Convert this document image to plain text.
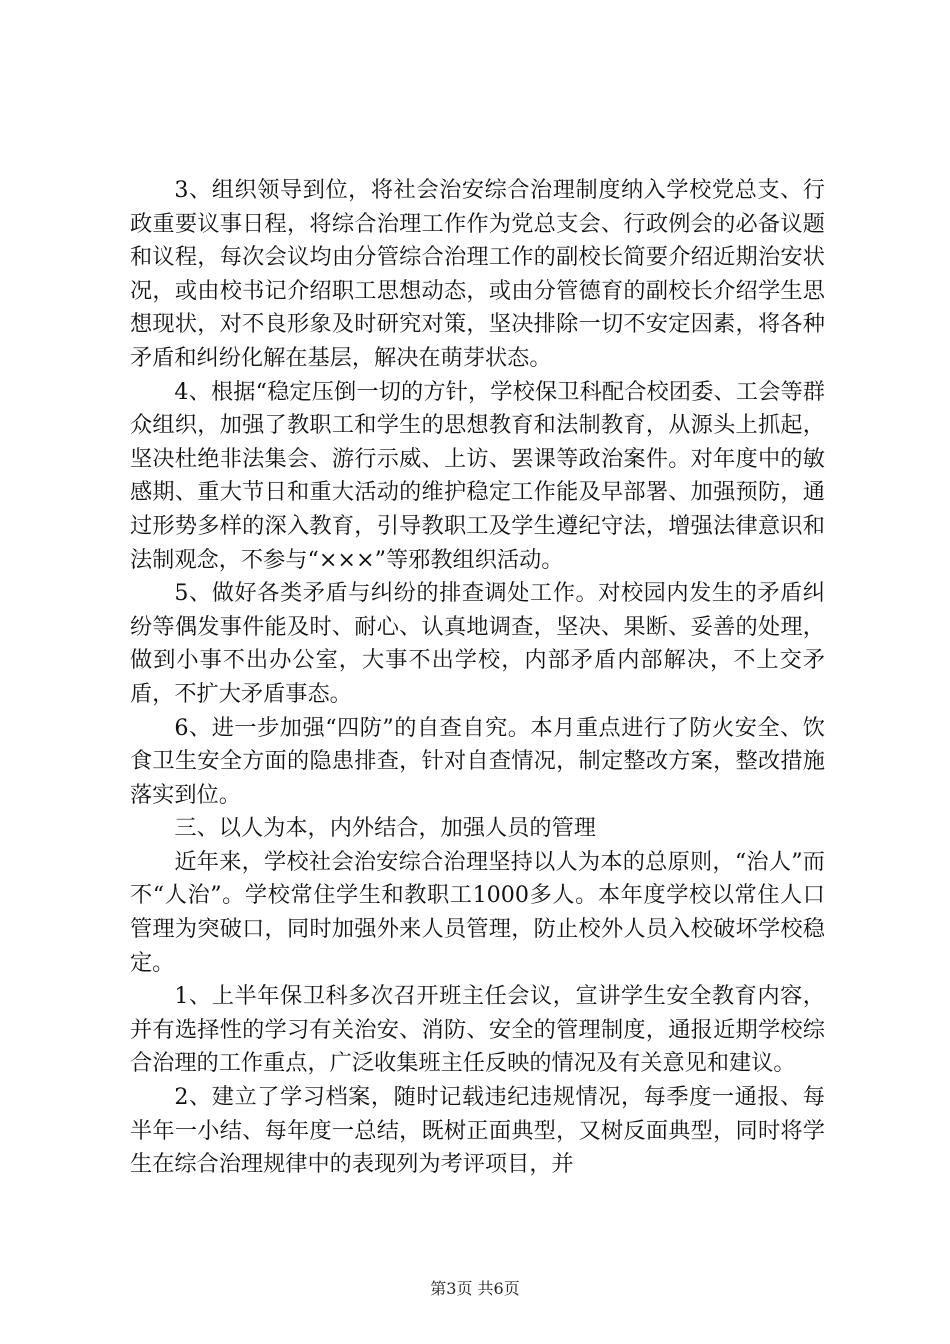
3、组织领导到位，将社会治安综合治理制度纳入学校党总支、行政重要议事日程，将综合治理工作作为党总支会、行政例会的必备议题和议程，每次会议均由分管综合治理工作的副校长简要介绍近期治安状况，或由校书记介绍职工思想动态，或由分管德育的副校长介绍学生思想现状，对不良形象及时研究对策，坚决排除一切不安定因素，将各种矛盾和纠纷化解在基层，解决在萌芽状态。

4、根据“稳定压倒一切的方针，学校保卫科配合校团委、工会等群众组织，加强了教职工和学生的思想教育和法制教育，从源头上抓起，坚决杜绝非法集会、游行示威、上访、罢课等政治案件。对年度中的敏感期、重大节日和重大活动的维护稳定工作能及早部署、加强预防，通过形势多样的深入教育，引导教职工及学生遵纪守法，增强法律意识和法制观念，不参与“×××”等邪教组织活动。

5、做好各类矛盾与纠纷的排查调处工作。对校园内发生的矛盾纠纷等偶发事件能及时、耐心、认真地调查，坚决、果断、妥善的处理，做到小事不出办公室，大事不出学校，内部矛盾内部解决，不上交矛盾，不扩大矛盾事态。

6、进一步加强“四防”的自查自究。本月重点进行了防火安全、饮食卫生安全方面的隐患排查，针对自查情况，制定整改方案，整改措施落实到位。

三、以人为本，内外结合，加强人员的管理

近年来，学校社会治安综合治理坚持以人为本的总原则，“治人”而不“人治”。学校常住学生和教职工1000多人。本年度学校以常住人口管理为突破口，同时加强外来人员管理，防止校外人员入校破坏学校稳定。

1、上半年保卫科多次召开班主任会议，宣讲学生安全教育内容，并有选择性的学习有关治安、消防、安全的管理制度，通报近期学校综合治理的工作重点，广泛收集班主任反映的情况及有关意见和建议。

2、建立了学习档案，随时记载违纪违规情况，每季度一通报、每半年一小结、每年度一总结，既树正面典型，又树反面典型，同时将学生在综合治理规律中的表现列为考评项目，并

第3页 共6页
